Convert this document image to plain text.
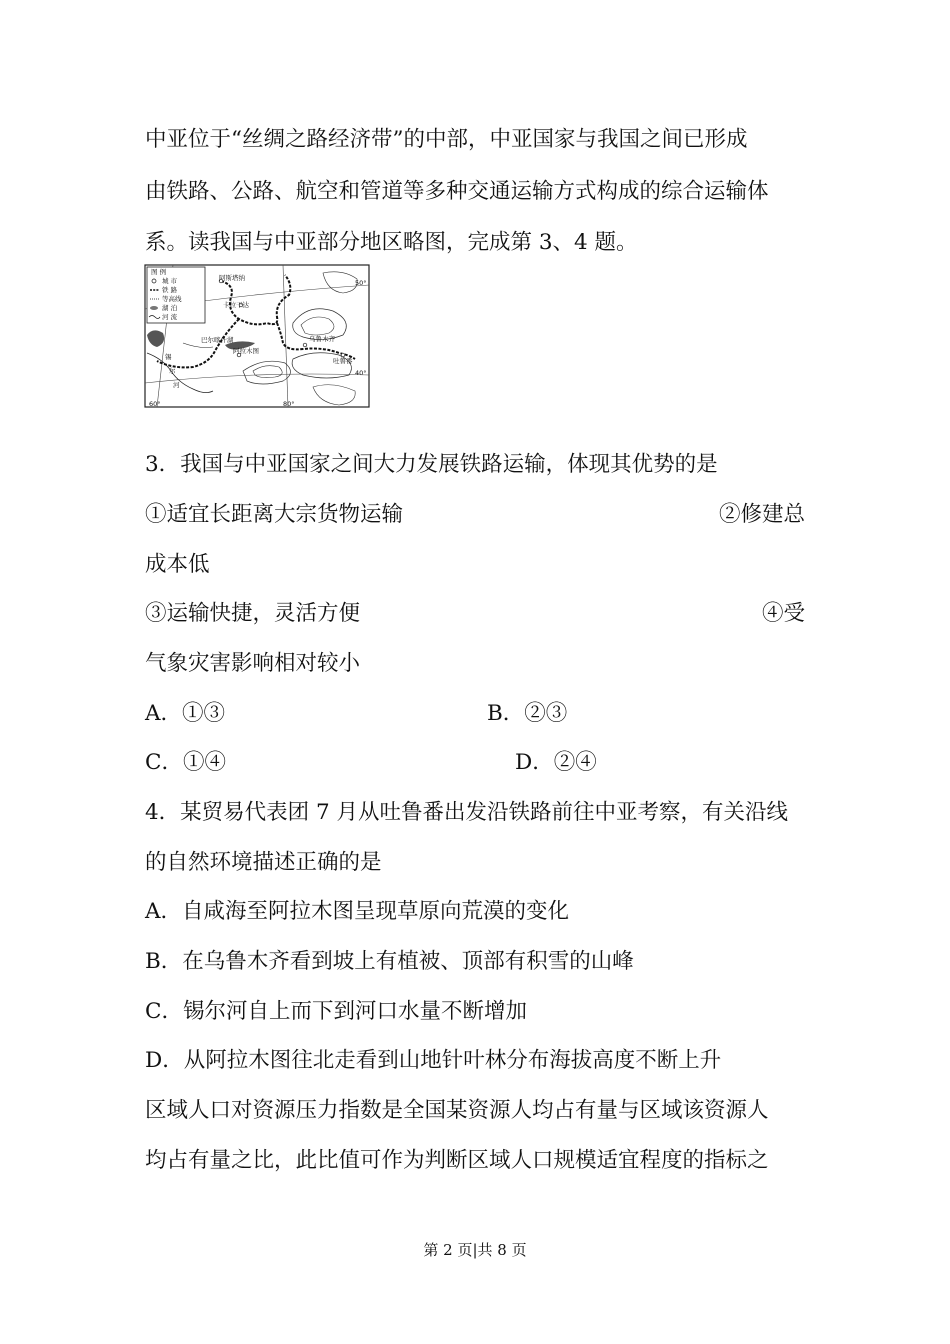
中亚位于“丝绸之路经济带”的中部，中亚国家与我国之间已形成
由铁路、公路、航空和管道等多种交通运输方式构成的综合运输体
系。读我国与中亚部分地区略图，完成第 3、4 题。
图 例
城 市
铁 路
等高线
湖 泊
河 流
阿斯塔纳
卡拉干达
巴尔喀什湖
阿拉木图
乌鲁木齐
吐鲁番
锡
尔
河
50°
40°
60°	80°
3．我国与中亚国家之间大力发展铁路运输，体现其优势的是
①适宜长距离大宗货物运输	②修建总
成本低
③运输快捷，灵活方便	④受
气象灾害影响相对较小
A．①③	B．②③
C．①④	D．②④
4．某贸易代表团 7 月从吐鲁番出发沿铁路前往中亚考察，有关沿线
的自然环境描述正确的是
A．自咸海至阿拉木图呈现草原向荒漠的变化
B．在乌鲁木齐看到坡上有植被、顶部有积雪的山峰
C．锡尔河自上而下到河口水量不断增加
D．从阿拉木图往北走看到山地针叶林分布海拔高度不断上升
区域人口对资源压力指数是全国某资源人均占有量与区域该资源人
均占有量之比，此比值可作为判断区域人口规模适宜程度的指标之
第 2 页|共 8 页
